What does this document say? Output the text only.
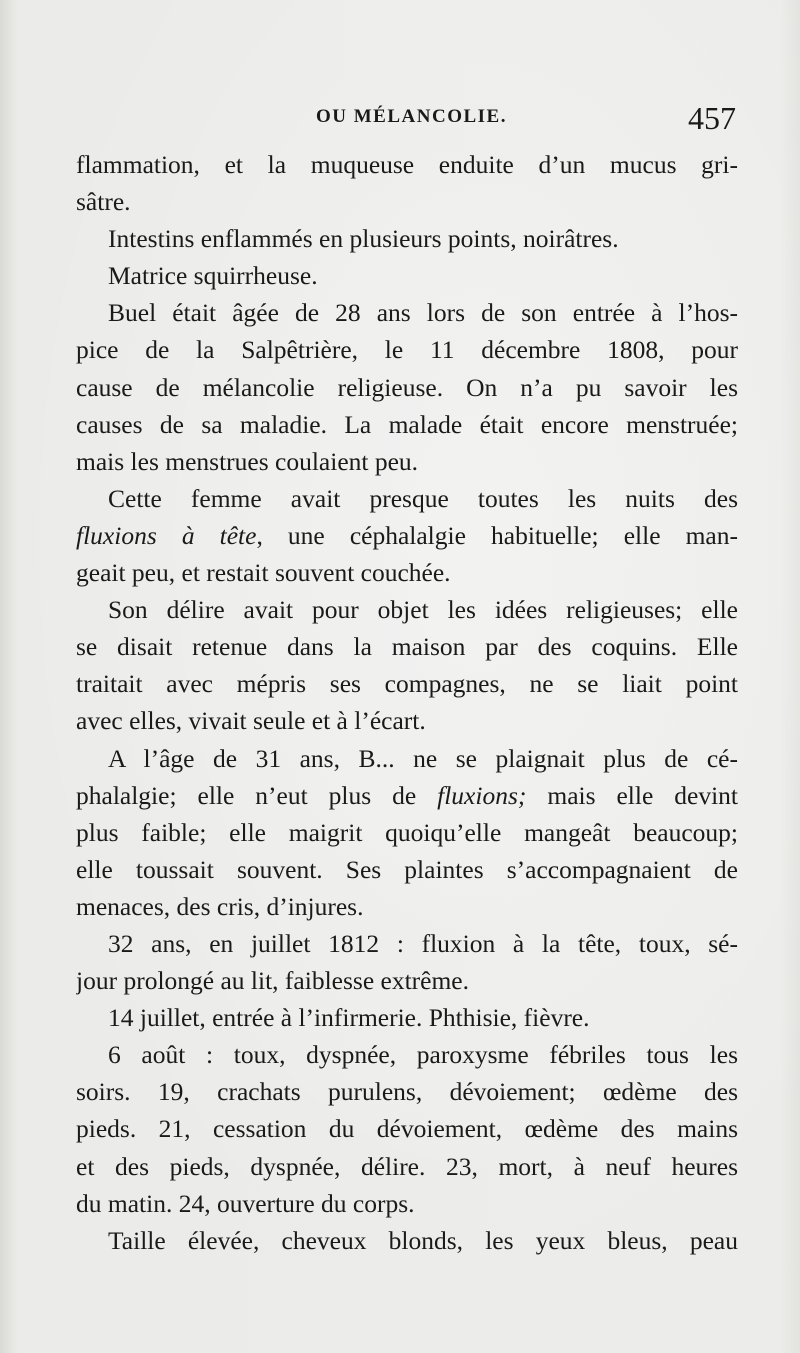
OU MÉLANCOLIE.	457
flammation, et la muqueuse enduite d’un mucus gri-
sâtre.
Intestins enflammés en plusieurs points, noirâtres.
Matrice squirrheuse.
Buel était âgée de 28 ans lors de son entrée à l’hos-
pice de la Salpêtrière, le 11 décembre 1808, pour
cause de mélancolie religieuse. On n’a pu savoir les
causes de sa maladie. La malade était encore menstruée;
mais les menstrues coulaient peu.
Cette femme avait presque toutes les nuits des
fluxions à tête, une céphalalgie habituelle; elle man-
geait peu, et restait souvent couchée.
Son délire avait pour objet les idées religieuses; elle
se disait retenue dans la maison par des coquins. Elle
traitait avec mépris ses compagnes, ne se liait point
avec elles, vivait seule et à l’écart.
A l’âge de 31 ans, B... ne se plaignait plus de cé-
phalalgie; elle n’eut plus de fluxions; mais elle devint
plus faible; elle maigrit quoiqu’elle mangeât beaucoup;
elle toussait souvent. Ses plaintes s’accompagnaient de
menaces, des cris, d’injures.
32 ans, en juillet 1812 : fluxion à la tête, toux, sé-
jour prolongé au lit, faiblesse extrême.
14 juillet, entrée à l’infirmerie. Phthisie, fièvre.
6 août : toux, dyspnée, paroxysme fébriles tous les
soirs. 19, crachats purulens, dévoiement; œdème des
pieds. 21, cessation du dévoiement, œdème des mains
et des pieds, dyspnée, délire. 23, mort, à neuf heures
du matin. 24, ouverture du corps.
Taille élevée, cheveux blonds, les yeux bleus, peau
